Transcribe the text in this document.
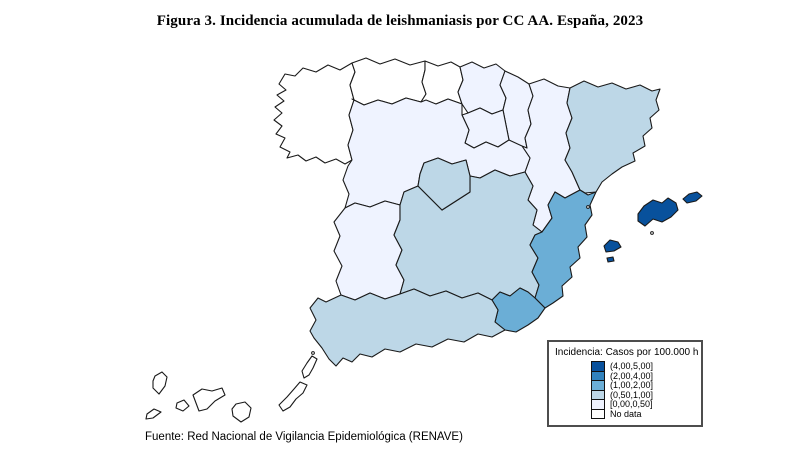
Figura 3. Incidencia acumulada de leishmaniasis por CC AA. España, 2023
Incidencia: Casos por 100.000 h
(4,00,5,00]
(2,00,4,00]
(1,00,2,00]
(0,50,1,00]
[0,00,0,50]
No data
Fuente: Red Nacional de Vigilancia Epidemiológica (RENAVE)
